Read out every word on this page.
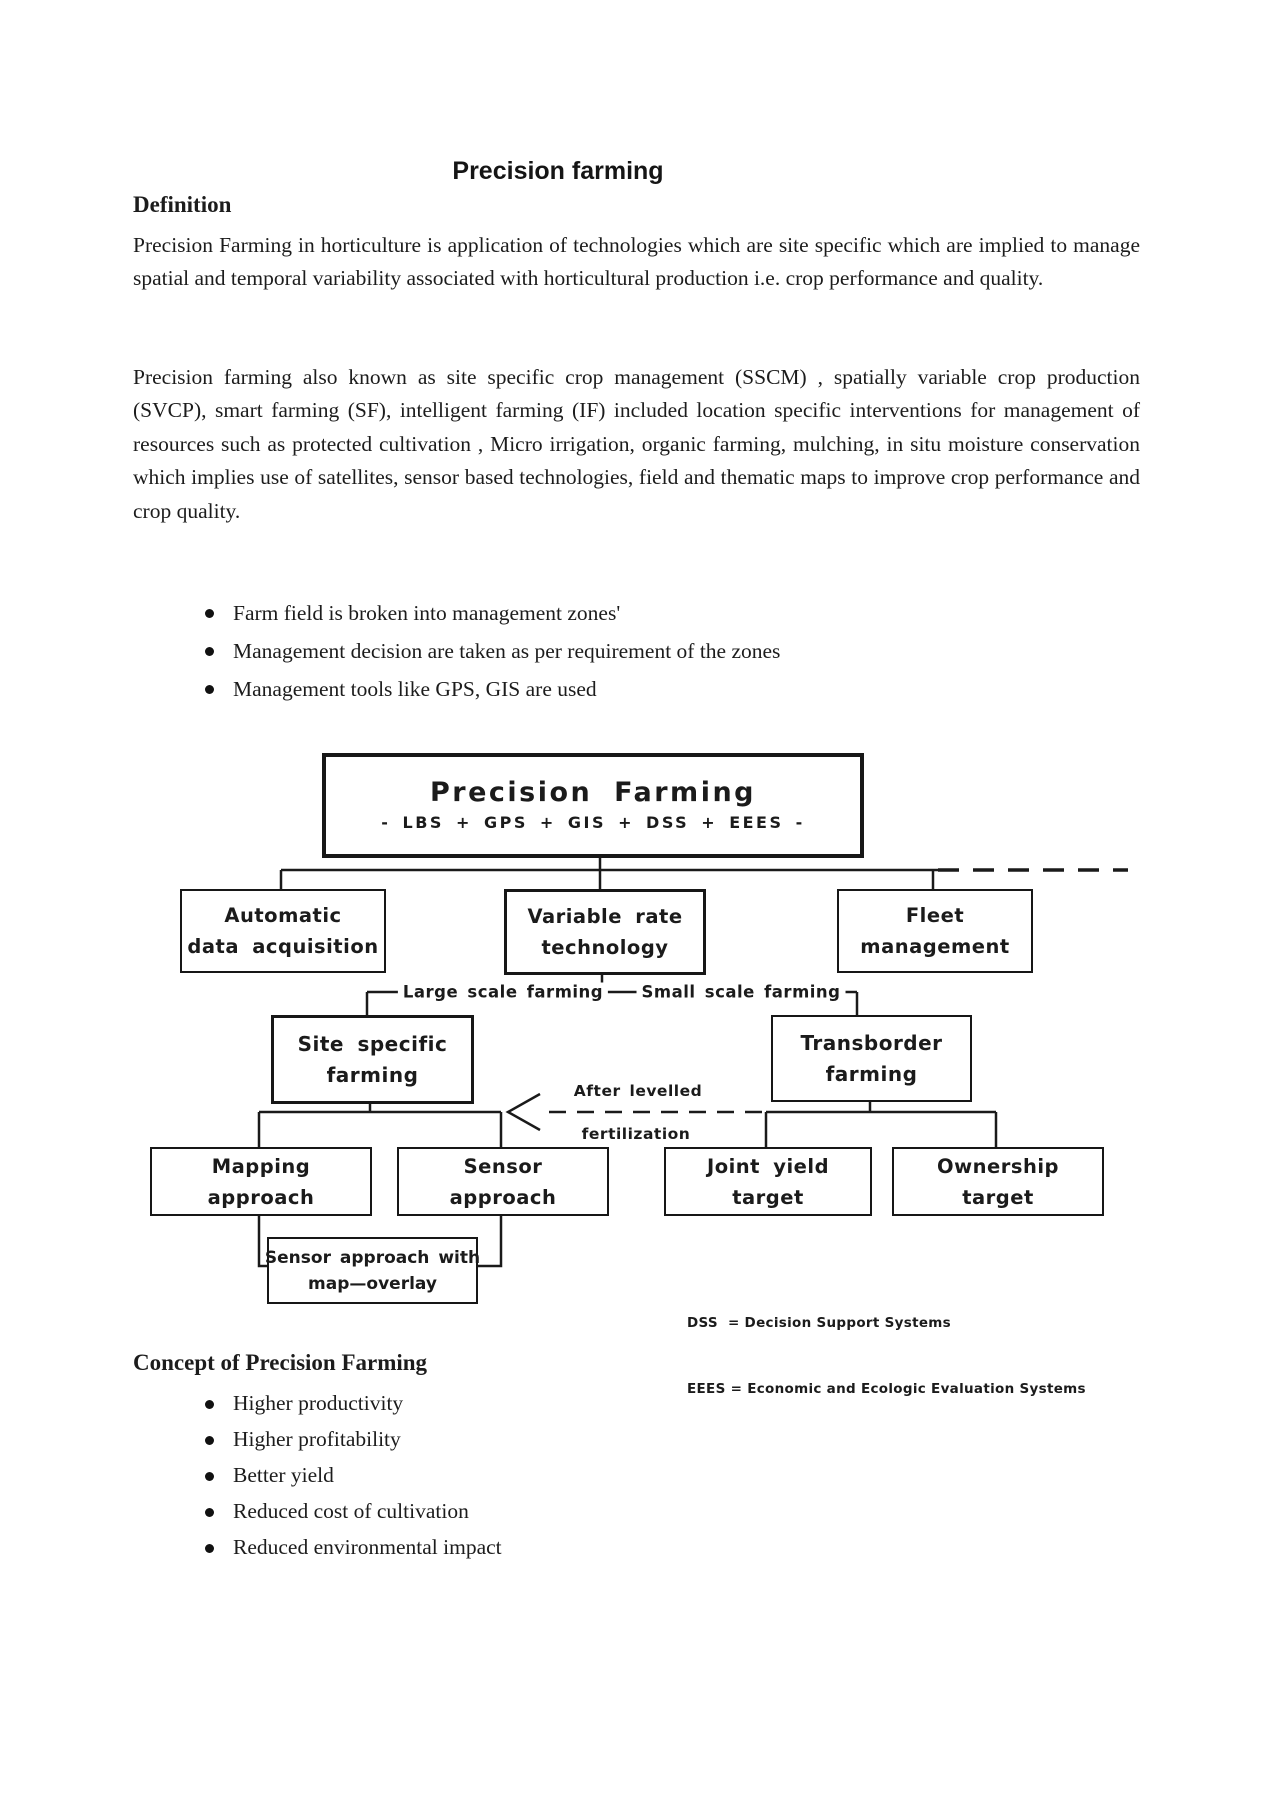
Precision farming
Definition

Precision Farming in horticulture is application of technologies which are site specific which are implied to manage spatial and temporal variability associated with horticultural production i.e. crop performance and quality.

Precision farming also known as site specific crop management (SSCM) , spatially variable crop production (SVCP), smart farming (SF), intelligent farming (IF) included location specific interventions for management of resources such as protected cultivation , Micro irrigation, organic farming, mulching, in situ moisture conservation which implies use of satellites, sensor based technologies, field and thematic maps to improve crop performance and crop quality.

Farm field is broken into management zones'
Management decision are taken as per requirement of the zones
Management tools like GPS, GIS are used
Precision Farming
- LBS + GPS + GIS + DSS + EEES -
Automatic
data acquisition
Variable rate
technology
Fleet
management
Large scale farming	Small scale farming
Site specific
farming
Transborder
farming
After levelled
fertilization
Mapping
approach
Sensor
approach
Joint yield
target
Ownership
target
Sensor approach with
map—overlay

DSS  = Decision Support Systems

EEES = Economic and Ecologic Evaluation Systems

Concept of Precision Farming
Higher productivity
Higher profitability
Better yield
Reduced cost of cultivation
Reduced environmental impact
